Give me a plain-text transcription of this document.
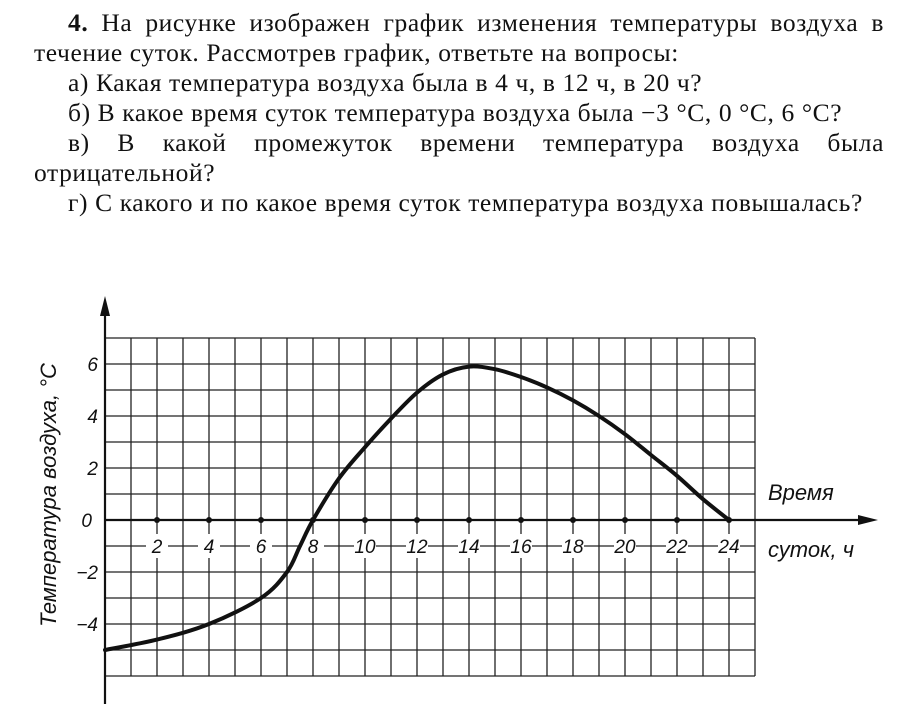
4. На рисунке изображен график изменения температуры воздуха в течение суток. Рассмотрев график, ответьте на вопросы:

а) Какая температура воздуха была в 4 ч, в 12 ч, в 20 ч?

б) В какое время суток температура воздуха была −3 °С, 0 °С, 6 °С?

в) В какой промежуток времени температура воздуха была отрицательной?

г) С какого и по какое время суток температура воздуха повышалась?

2 4 6 8 10 12 14 16 18 20 22 24
0
−4
−2
2
4
6
Температура воздуха, °С	Время
суток, ч
